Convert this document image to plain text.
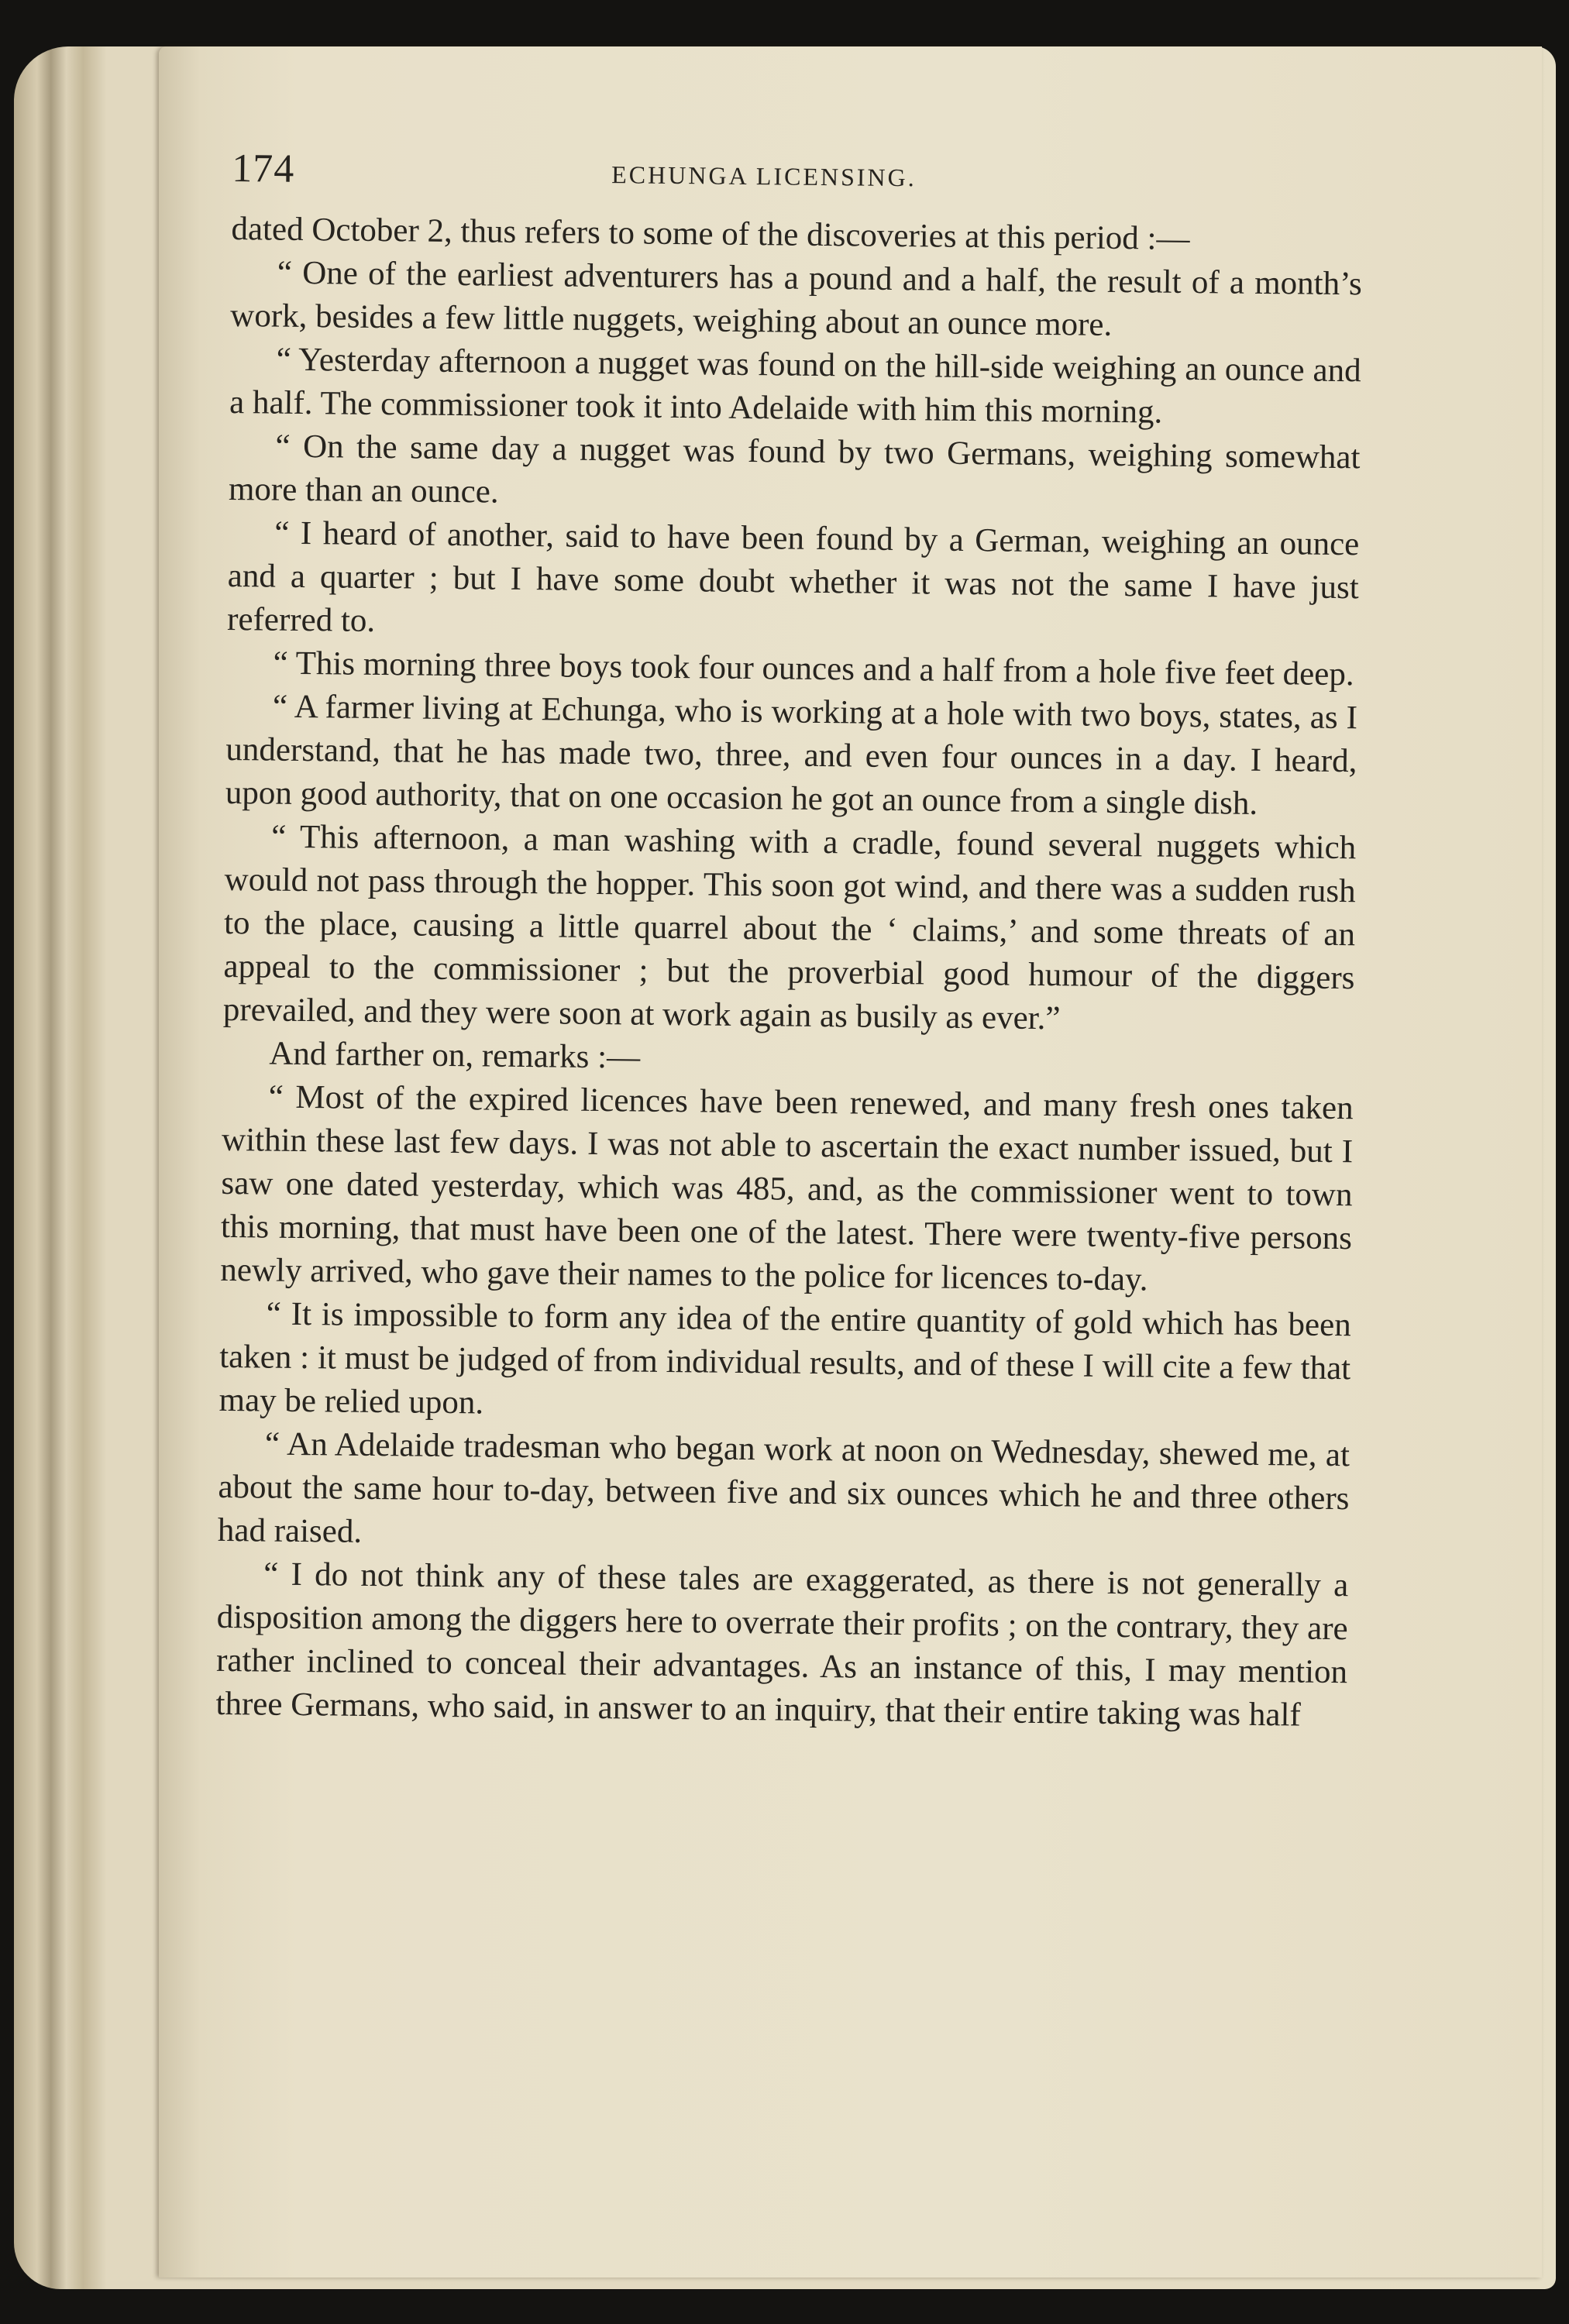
174	ECHUNGA LICENSING.

dated October 2, thus refers to some of the discoveries at this period :—

“ One of the earliest adventurers has a pound and a half, the result of a month’s work, besides a few little nuggets, weighing about an ounce more.

“ Yesterday afternoon a nugget was found on the hill-side weighing an ounce and a half. The commissioner took it into Adelaide with him this morning.

“ On the same day a nugget was found by two Germans, weighing somewhat more than an ounce.

“ I heard of another, said to have been found by a German, weighing an ounce and a quarter ; but I have some doubt whether it was not the same I have just referred to.

“ This morning three boys took four ounces and a half from a hole five feet deep.

“ A farmer living at Echunga, who is working at a hole with two boys, states, as I understand, that he has made two, three, and even four ounces in a day. I heard, upon good authority, that on one occasion he got an ounce from a single dish.

“ This afternoon, a man washing with a cradle, found several nuggets which would not pass through the hopper. This soon got wind, and there was a sudden rush to the place, causing a little quarrel about the ‘ claims,’ and some threats of an appeal to the commissioner ; but the proverbial good humour of the diggers prevailed, and they were soon at work again as busily as ever.”

And farther on, remarks :—

“ Most of the expired licences have been renewed, and many fresh ones taken within these last few days. I was not able to ascertain the exact number issued, but I saw one dated yesterday, which was 485, and, as the commissioner went to town this morning, that must have been one of the latest. There were twenty-five persons newly arrived, who gave their names to the police for licences to-day.

“ It is impossible to form any idea of the entire quantity of gold which has been taken : it must be judged of from individual results, and of these I will cite a few that may be relied upon.

“ An Adelaide tradesman who began work at noon on Wednesday, shewed me, at about the same hour to-day, between five and six ounces which he and three others had raised.

“ I do not think any of these tales are exaggerated, as there is not generally a disposition among the diggers here to overrate their profits ; on the contrary, they are rather inclined to conceal their advantages. As an instance of this, I may mention three Germans, who said, in answer to an inquiry, that their entire taking was half
